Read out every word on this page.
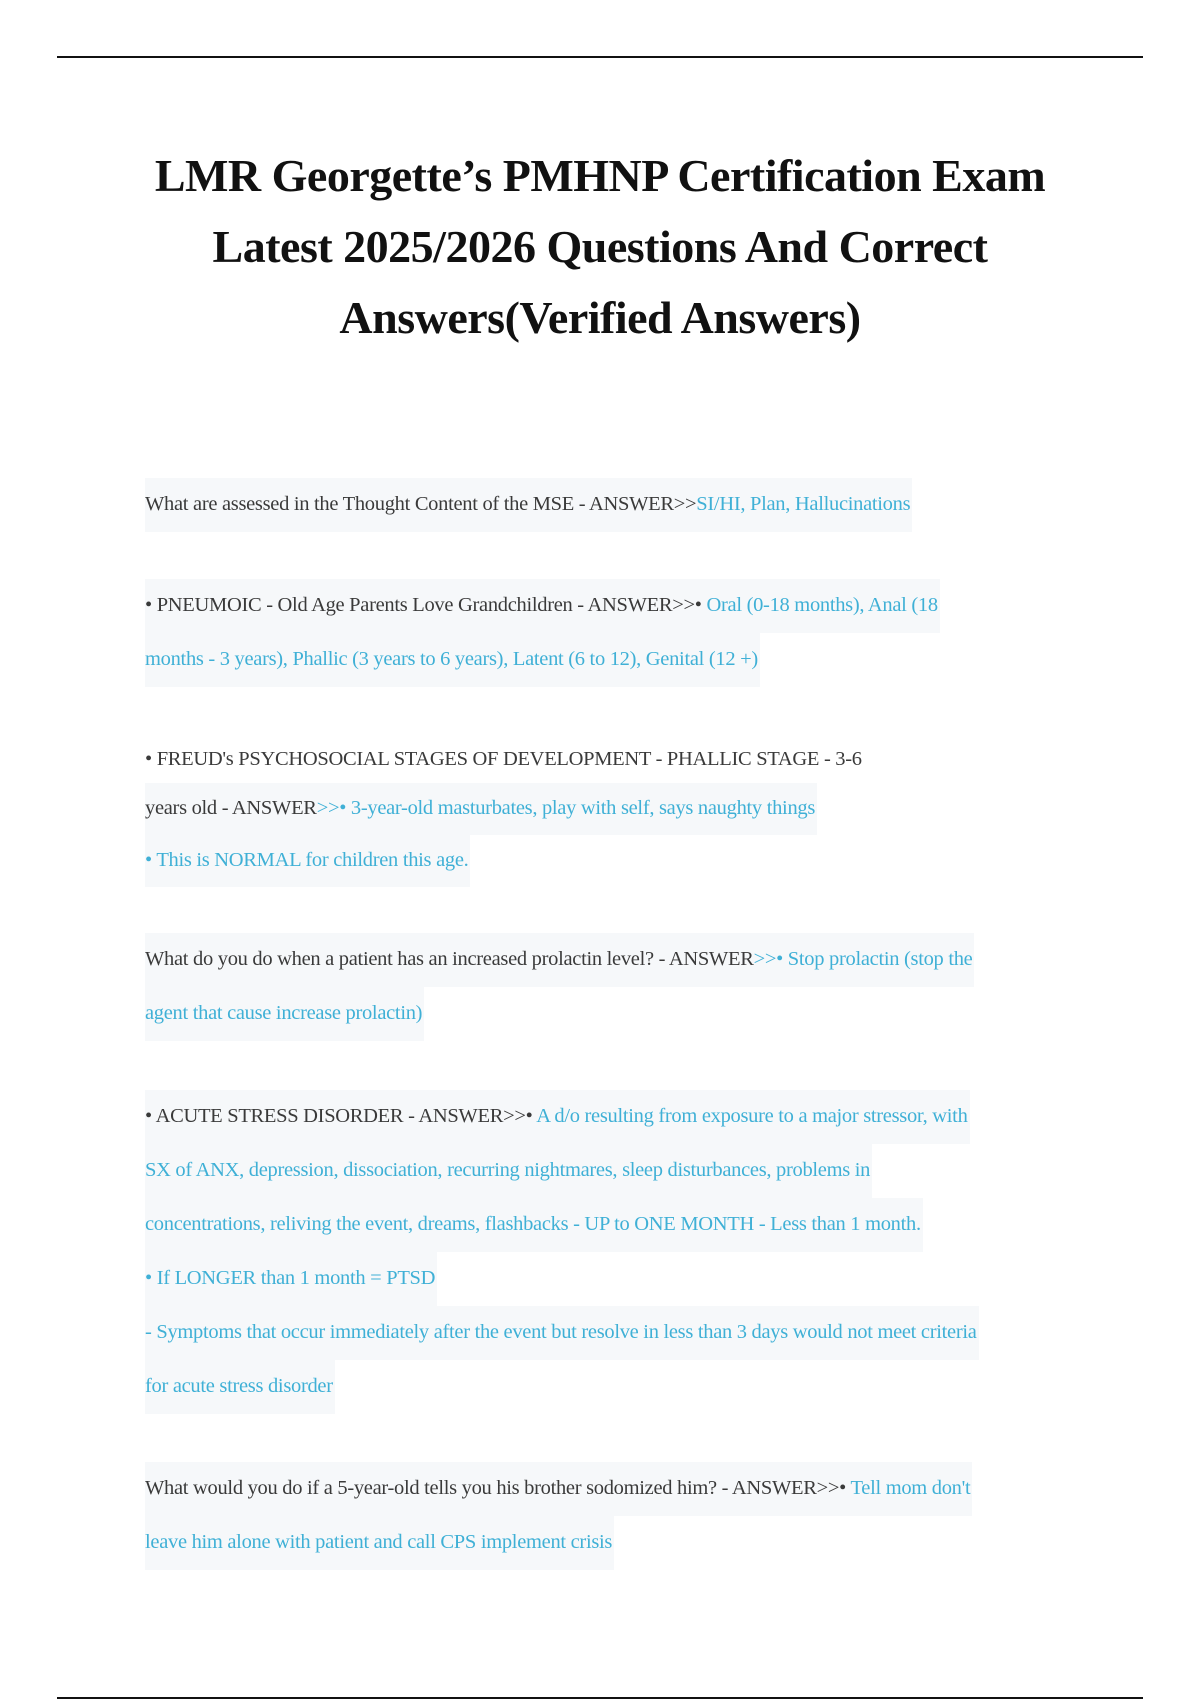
LMR Georgette’s PMHNP Certification Exam
Latest 2025/2026 Questions And Correct
Answers(Verified Answers)
What are assessed in the Thought Content of the MSE - ANSWER>>SI/HI, Plan, Hallucinations
• PNEUMOIC - Old Age Parents Love Grandchildren - ANSWER>>• Oral (0-18 months), Anal (18
months - 3 years), Phallic (3 years to 6 years), Latent (6 to 12), Genital (12 +)
• FREUD's PSYCHOSOCIAL STAGES OF DEVELOPMENT - PHALLIC STAGE - 3-6
years old - ANSWER>>• 3-year-old masturbates, play with self, says naughty things
• This is NORMAL for children this age.
What do you do when a patient has an increased prolactin level? - ANSWER>>• Stop prolactin (stop the
agent that cause increase prolactin)
• ACUTE STRESS DISORDER - ANSWER>>• A d/o resulting from exposure to a major stressor, with
SX of ANX, depression, dissociation, recurring nightmares, sleep disturbances, problems in
concentrations, reliving the event, dreams, flashbacks - UP to ONE MONTH - Less than 1 month.
• If LONGER than 1 month = PTSD
- Symptoms that occur immediately after the event but resolve in less than 3 days would not meet criteria
for acute stress disorder
What would you do if a 5-year-old tells you his brother sodomized him? - ANSWER>>• Tell mom don't
leave him alone with patient and call CPS implement crisis
